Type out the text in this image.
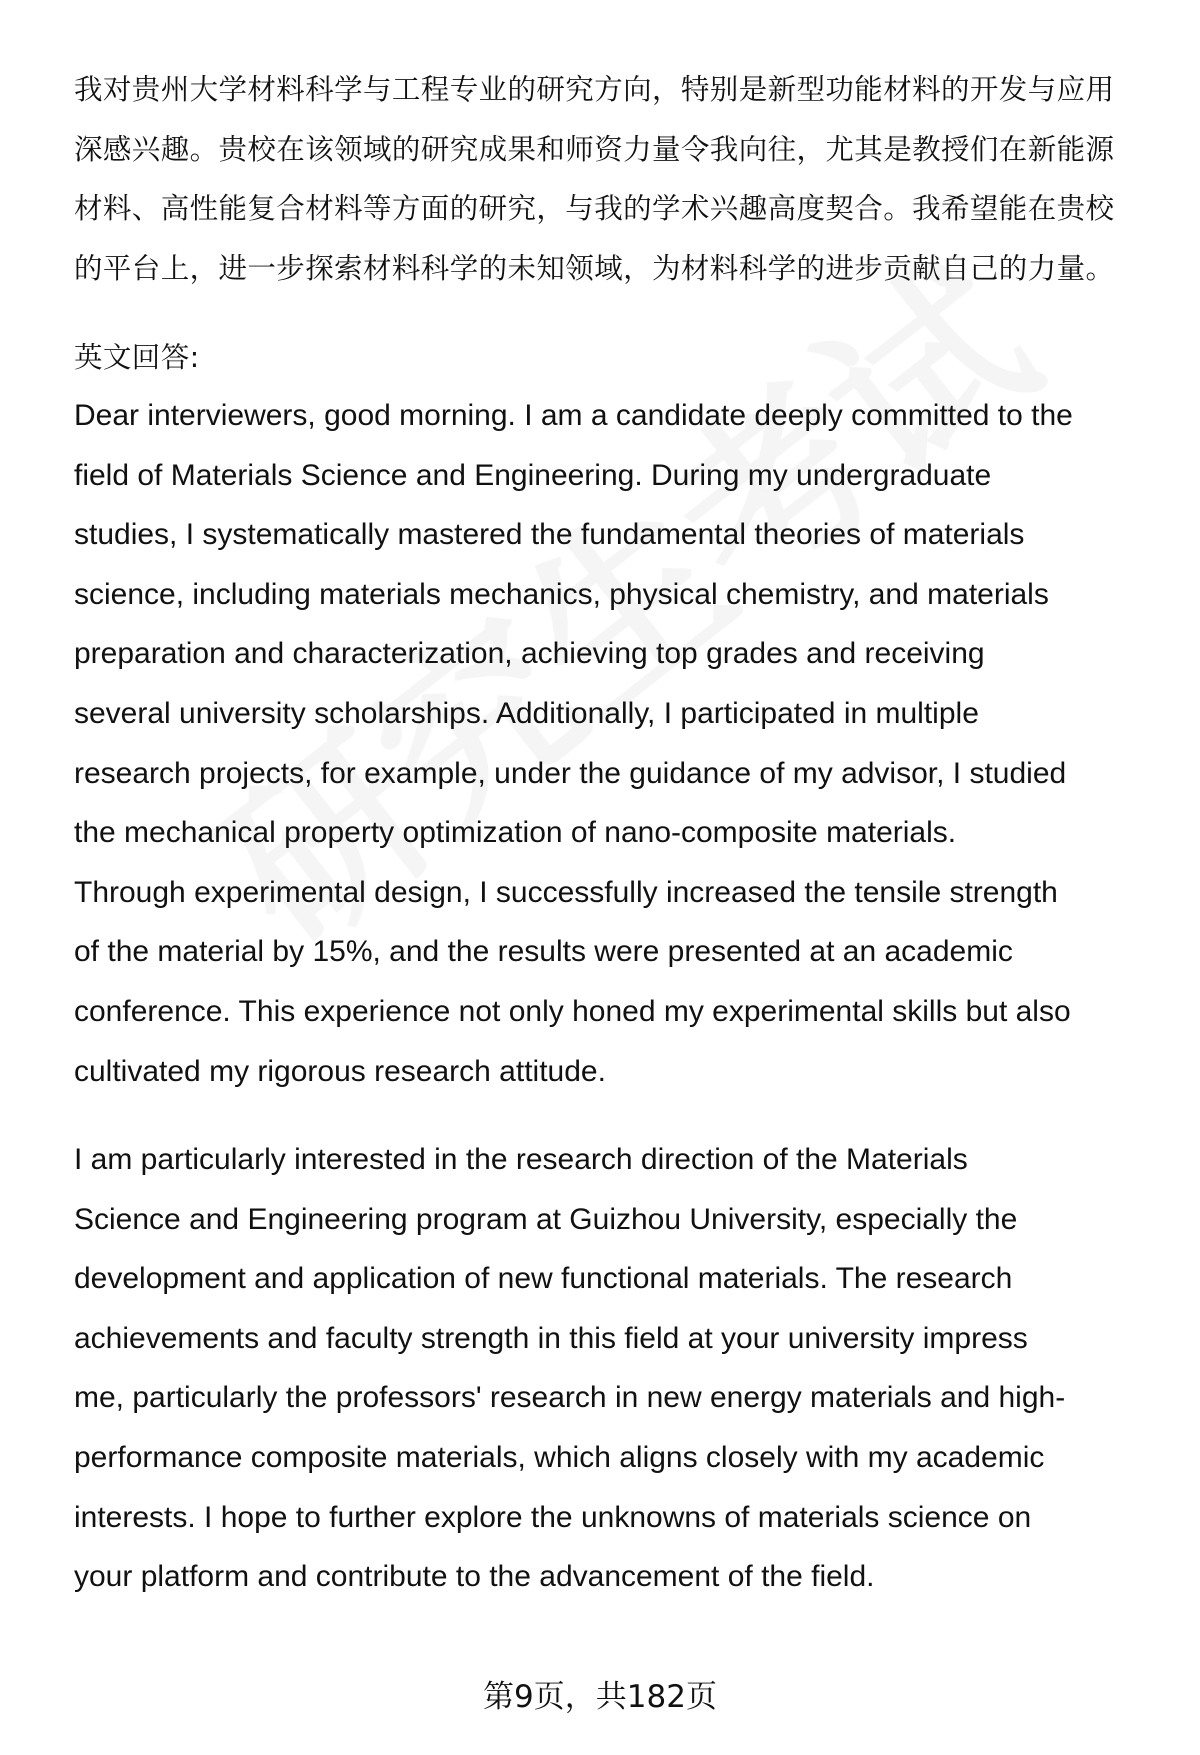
我对贵州大学材料科学与工程专业的研究方向，特别是新型功能材料的开发与应用
深感兴趣。贵校在该领域的研究成果和师资力量令我向往，尤其是教授们在新能源
材料、高性能复合材料等方面的研究，与我的学术兴趣高度契合。我希望能在贵校
的平台上，进一步探索材料科学的未知领域，为材料科学的进步贡献自己的力量。
英文回答:
Dear interviewers, good morning. I am a candidate deeply committed to the
field of Materials Science and Engineering. During my undergraduate
studies, I systematically mastered the fundamental theories of materials
science, including materials mechanics, physical chemistry, and materials
preparation and characterization, achieving top grades and receiving
several university scholarships. Additionally, I participated in multiple
research projects, for example, under the guidance of my advisor, I studied
the mechanical property optimization of nano-composite materials.
Through experimental design, I successfully increased the tensile strength
of the material by 15%, and the results were presented at an academic
conference. This experience not only honed my experimental skills but also
cultivated my rigorous research attitude.
I am particularly interested in the research direction of the Materials
Science and Engineering program at Guizhou University, especially the
development and application of new functional materials. The research
achievements and faculty strength in this field at your university impress
me, particularly the professors' research in new energy materials and high-
performance composite materials, which aligns closely with my academic
interests. I hope to further explore the unknowns of materials science on
your platform and contribute to the advancement of the field.
第9页，共182页
